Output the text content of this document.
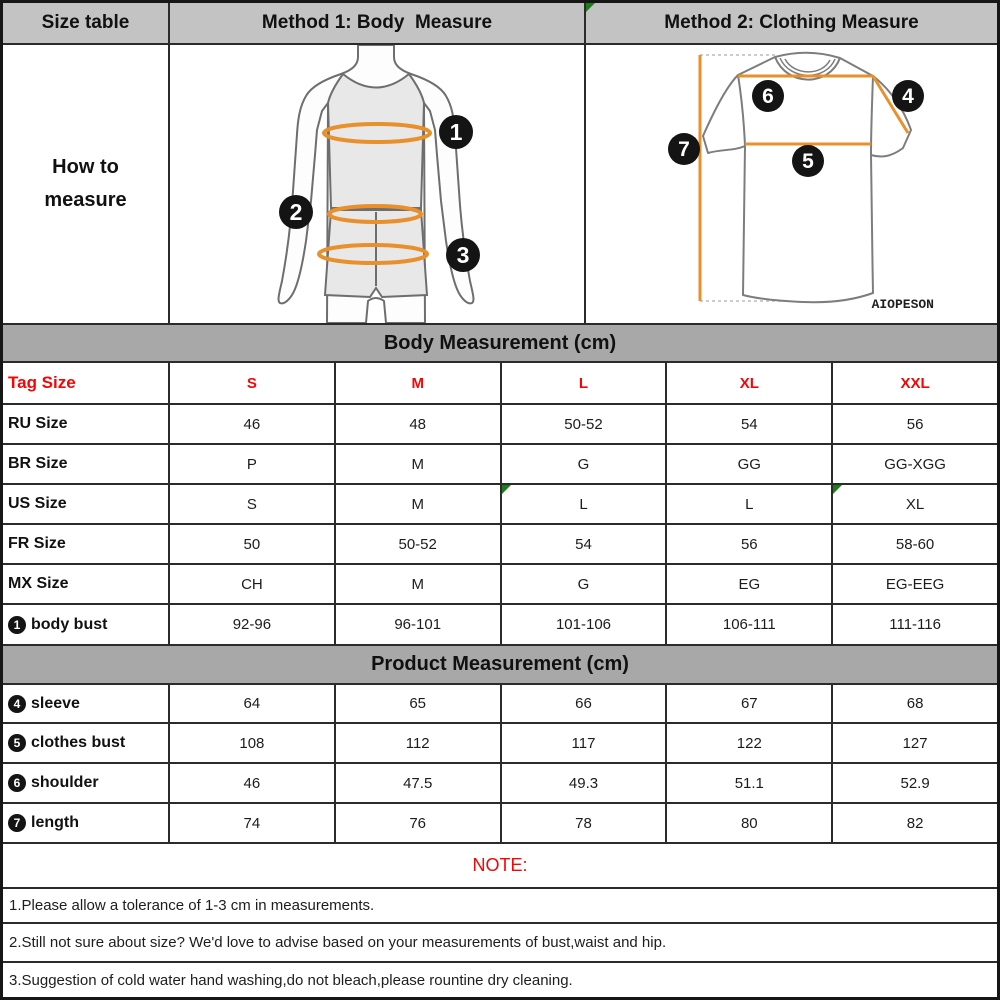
Size table	Method 1: Body  Measure	Method 2: Clothing Measure
How to
measure
1
2
3
6	4
5
7
AIOPESON
Body Measurement (cm)
Tag Size	S	M	L	XL	XXL
RU Size	46	48	50-52	54	56
BR Size	P	M	G	GG	GG-XGG
US Size	S	M	L	L	XL
FR Size	50	50-52	54	56	58-60
MX Size	CH	M	G	EG	EG-EEG
1 body bust	92-96	96-101	101-106	106-111	111-116
Product Measurement (cm)
4 sleeve	64	65	66	67	68
5 clothes bust	108	112	117	122	127
6 shoulder	46	47.5	49.3	51.1	52.9
7 length	74	76	78	80	82
NOTE:
1.Please allow a tolerance of 1-3 cm in measurements.
2.Still not sure about size? We'd love to advise based on your measurements of bust,waist and hip.
3.Suggestion of cold water hand washing,do not bleach,please rountine dry cleaning.
